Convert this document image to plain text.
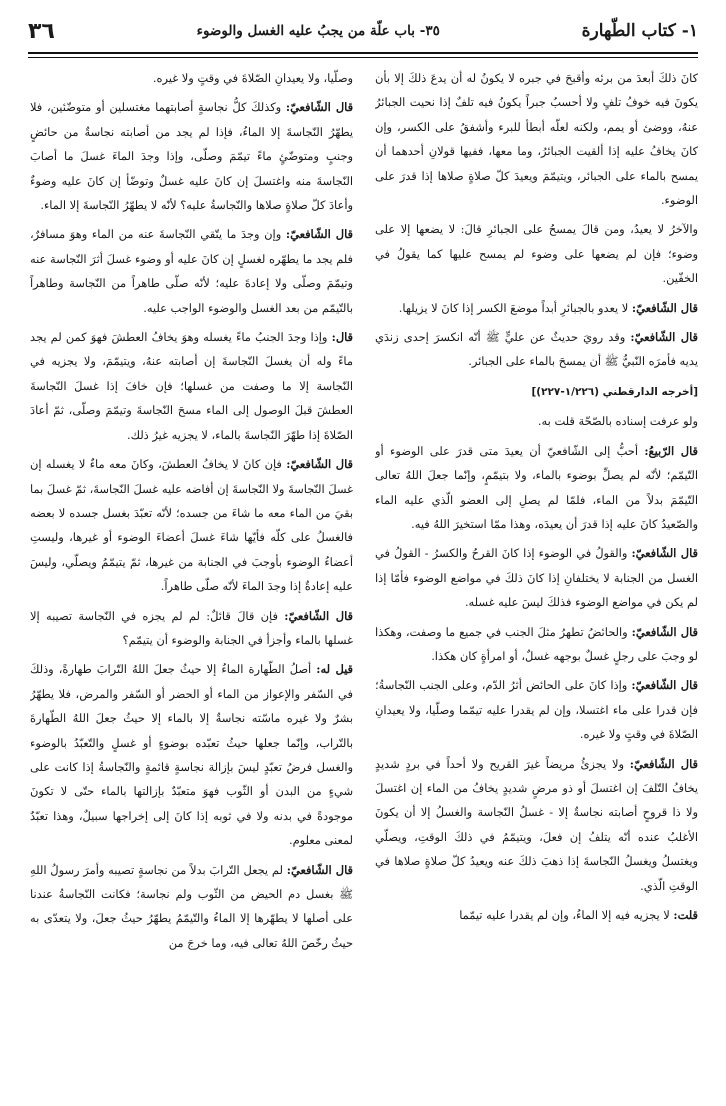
١- كتاب الطّهارة
٣٥- باب علّة من يجبُ عليه الغسل والوضوء
٣٦

كانَ ذلكَ أبعدَ من برئه وأقبحَ في جبره لا يكونُ له أن يدعَ ذلكَ إلا بأن يكونَ فيه خوفُ تلفٍ ولا أحسبُ جبراً يكونُ فيه تلفٌ إذا نحيت الجبائرُ عنهُ، ووضئ أو يمم، ولكنه لعلّه أبطأ للبرء وأشفقُ على الكسر، وإن كانَ يخافُ عليه إذا ألقيت الجبائرُ، وما معها، ففيها قولانِ أحدهما أن يمسح بالماء على الجبائر، ويتيمّمَ ويعيدَ كلّ صلاةٍ صلاها إذا قدرَ على الوضوء.

والآخرُ لا يعيدُ، ومن قالَ يمسحُ على الجبائرِ قالَ: لا يضعها إلا على وضوء؛ فإن لم يضعها على وضوء لم يمسح عليها كما يقولُ في الخفّين.

قال الشّافعيّ: لا يعدو بالجبائرِ أبداً موضعَ الكسر إذا كانَ لا يزيلها.

قال الشّافعيّ: وقد رويَ حديثٌ عن عليٍّ ﷺ أنّه انكسرَ إحدى زندَي يديه فأمرَه النّبيُّ ﷺ أن يمسحَ بالماء على الجبائر.

[أخرجه الدارقطني (١/٢٢٦-٢٢٧)]

ولو عرفت إسناده بالصّحّة قلت به.

قال الرّبيعُ: أحبُّ إلى الشّافعيّ أن يعيدَ متى قدرَ على الوضوء أو التّيمّم؛ لأنّه لم يصلِّ بوضوء بالماء، ولا بتيمّمٍ، وإنّما جعلَ اللهُ تعالى التّيمّمَ بدلاً من الماء، فلمّا لم يصلِ إلى العضو الّذي عليه الماء والصّعيدُ كانَ عليه إذا قدرَ أن يعيدَه، وهذا ممّا استخيرَ اللهُ فيه.

قال الشّافعيّ: والقولُ في الوضوء إذا كانَ القرحُ والكسرُ - القولُ في الغسل من الجنابة لا يختلفانِ إذا كانَ ذلكَ في مواضع الوضوء فأمّا إذا لم يكن في مواضع الوضوء فذلكَ ليسَ عليه غسله.

قال الشّافعيّ: والحائضُ تطهرُ مثلَ الجنب في جميع ما وصفت، وهكذا لو وجبَ على رجلٍ غسلٌ بوجهه غسلٌ، أو امرأةٍ كان هكذا.

قال الشّافعيّ: وإذا كانَ على الحائض أثرُ الدّم، وعلى الجنب النّجاسةُ؛ فإن قدرا على ماء اغتسلا، وإن لم يقدرا عليه تيمّما وصلّيا، ولا يعيدانِ الصّلاةَ في وقتٍ ولا غيره.

قال الشّافعيّ: ولا يجزئُ مريضاً غيرَ القريح ولا أحداً في بردٍ شديدٍ يخافُ التّلفَ إن اغتسلَ أو ذو مرضٍ شديدٍ يخافُ من الماء إن اغتسلَ ولا ذا قروحٍ أصابته نجاسةٌ إلا - غسلُ النّجاسة والغسلُ إلا أن يكونَ الأغلبُ عنده أنّه يتلفُ إن فعلَ، ويتيمّمُ في ذلكَ الوقتِ، ويصلّي ويغتسلُ ويغسلُ النّجاسةَ إذا ذهبَ ذلكَ عنه ويعيدُ كلّ صلاةٍ صلاها في الوقتِ الّذي.

قلت: لا يجزيه فيه إلا الماءُ، وإن لم يقدرا عليه تيمّما

وصلّيا، ولا يعيدانِ الصّلاةَ في وقتٍ ولا غيره.

قال الشّافعيّ: وكذلكَ كلُّ نجاسةٍ أصابتهما مغتسلين أو متوضّئين، فلا يطهّرُ النّجاسةَ إلا الماءُ، فإذا لم يجد من أصابته نجاسةٌ من حائضٍ وجنبٍ ومتوضّئٍ ماءً تيمّمَ وصلّى، وإذا وجدَ الماءَ غسلَ ما أصابَ النّجاسةَ منه واغتسلَ إن كانَ عليه غسلٌ وتوضّأ إن كانَ عليه وضوءٌ وأعادَ كلّ صلاةٍ صلاها والنّجاسةُ عليه؟ لأنّه لا يطهّرُ النّجاسةَ إلا الماء.

قال الشّافعيّ: وإن وجدَ ما يتّقي النّجاسةَ عنه من الماء وهوَ مسافرٌ، فلم يجد ما يطهّره لغسلٍ إن كانَ عليه أو وضوء غسلَ أثرَ النّجاسة عنه وتيمّمَ وصلّى ولا إعادةَ عليه؛ لأنّه صلّى طاهراً من النّجاسة وطاهراً بالتّيمّم من بعد الغسل والوضوء الواجب عليه.

قال: وإذا وجدَ الجنبُ ماءً يغسله وهوَ يخافُ العطشَ فهوَ كمن لم يجد ماءً وله أن يغسلَ النّجاسةَ إن أصابته عنهُ، ويتيمّمَ، ولا يجزيه في النّجاسة إلا ما وصفت من غسلها؛ فإن خافَ إذا غسلَ النّجاسةَ العطشَ قبلَ الوصول إلى الماء مسحَ النّجاسةَ وتيمّمَ وصلّى، ثمّ أعادَ الصّلاةَ إذا طهّرَ النّجاسةَ بالماء، لا يجزيه غيرُ ذلك.

قال الشّافعيّ: فإن كانَ لا يخافُ العطشَ، وكانَ معه ماءٌ لا يغسله إن غسلَ النّجاسةَ ولا النّجاسةَ إن أفاضه عليه غسلَ النّجاسةَ، ثمّ غسلَ بما بقيَ من الماء معه ما شاءَ من جسده؛ لأنّه تعبّدَ بغسل جسده لا بعضه فالغسلُ على كلّه فأيّها شاءَ غسلَ أعضاءَ الوضوء أو غيرها، وليستِ أعضاءُ الوضوء بأوجبَ في الجنابة من غيرها، ثمّ يتيمّمُ ويصلّي، وليسَ عليه إعادةٌ إذا وجدَ الماءَ لأنّه صلّى طاهراً.

قال الشّافعيّ: فإن قالَ قائلٌ: لم لم يجزه في النّجاسة تصيبه إلا غسلها بالماء وأجزأ في الجنابة والوضوء أن يتيمّم؟

قيل له: أصلُ الطّهارة الماءُ إلا حيثُ جعلَ اللهُ التّرابَ طهارةً، وذلكَ في السّفر والإعواز من الماء أو الحضر أو السّفر والمرض، فلا يطهّرُ بشرٌ ولا غيره ماسّته نجاسةٌ إلا بالماء إلا حيثُ جعلَ اللهُ الطّهارةَ بالتّراب، وإنّما جعلها حيثُ تعبّده بوضوءٍ أو غسلٍ والتّعبّدُ بالوضوء والغسل فرضُ تعبّدٍ ليسَ بإزالة نجاسةٍ قائمةٍ والنّجاسةُ إذا كانت على شيءٍ من البدن أو الثّوب فهوَ متعبّدٌ بإزالتها بالماء حتّى لا تكونَ موجودةً في بدنه ولا في ثوبه إذا كانَ إلى إخراجها سبيلٌ، وهذا تعبّدٌ لمعنى معلوم.

قال الشّافعيّ: لم يجعل التّرابَ بدلاً من نجاسةٍ تصيبه وأمرَ رسولُ اللهِ ﷺ بغسل دم الحيض من الثّوب ولم نجاسة؛ فكانت النّجاسةُ عندنا على أصلها لا يطهّرها إلا الماءُ والتّيمّمُ يطهّرُ حيثُ جعلَ، ولا يتعدّى به حيثُ رخّصَ اللهُ تعالى فيه، وما خرجَ من
